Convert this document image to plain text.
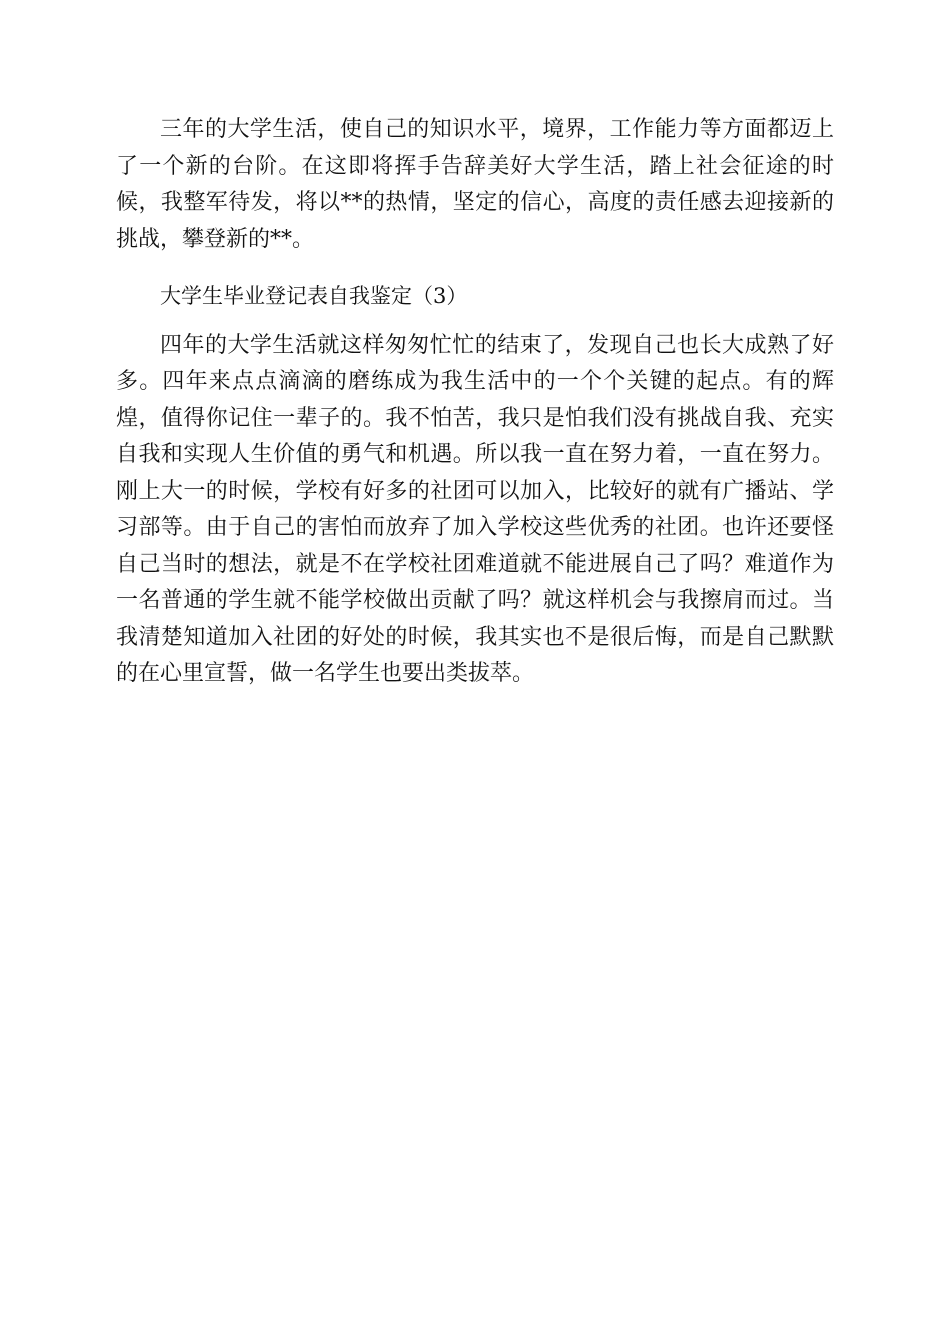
三年的大学生活，使自己的知识水平，境界，工作能力等方面都迈上了一个新的台阶。在这即将挥手告辞美好大学生活，踏上社会征途的时候，我整军待发，将以**的热情，坚定的信心，高度的责任感去迎接新的挑战，攀登新的**。

大学生毕业登记表自我鉴定（3）

四年的大学生活就这样匆匆忙忙的结束了，发现自己也长大成熟了好多。四年来点点滴滴的磨练成为我生活中的一个个关键的起点。有的辉煌，值得你记住一辈子的。我不怕苦，我只是怕我们没有挑战自我、充实自我和实现人生价值的勇气和机遇。所以我一直在努力着，一直在努力。刚上大一的时候，学校有好多的社团可以加入，比较好的就有广播站、学习部等。由于自己的害怕而放弃了加入学校这些优秀的社团。也许还要怪自己当时的想法，就是不在学校社团难道就不能进展自己了吗？难道作为一名普通的学生就不能学校做出贡献了吗？就这样机会与我擦肩而过。当我清楚知道加入社团的好处的时候，我其实也不是很后悔，而是自己默默的在心里宣誓，做一名学生也要出类拔萃。
